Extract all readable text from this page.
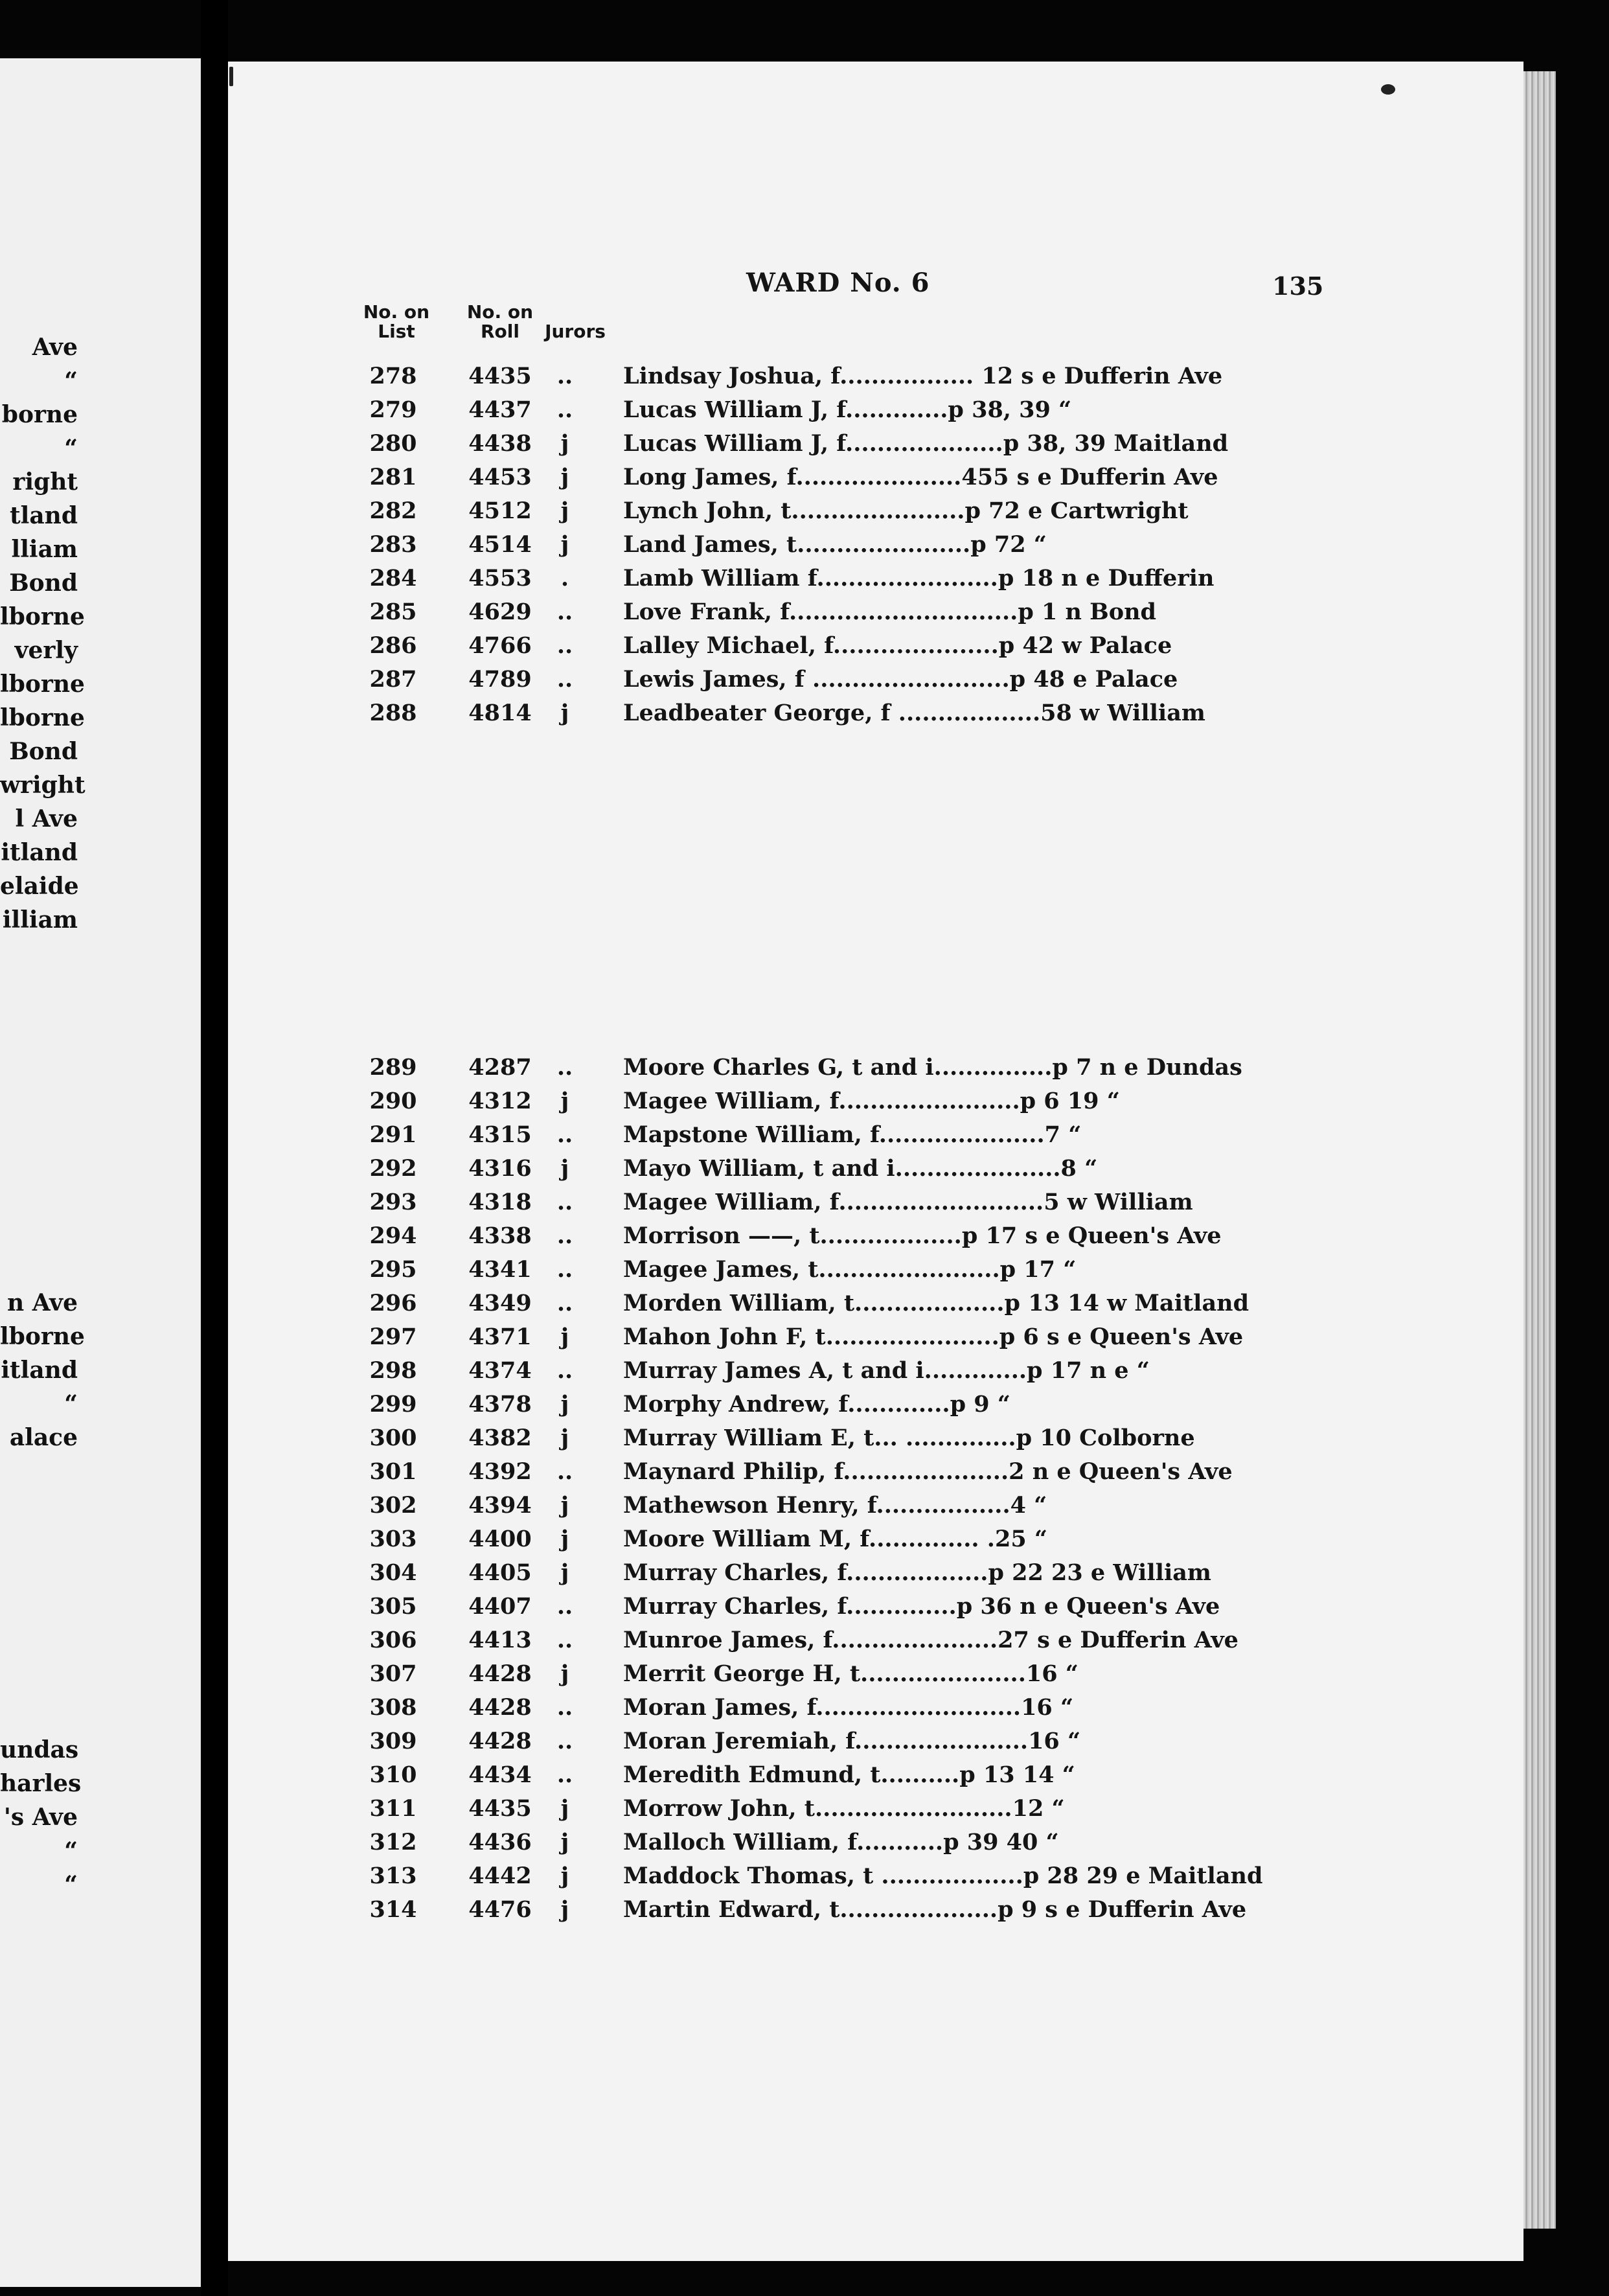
Ave
“
borne
“
right
tland
lliam
Bond
lborne
verly
lborne
lborne
Bond
wright
l Ave
itland
elaide
illiam
n Ave
lborne
itland
“
alace
undas
harles
's Ave
“
“
WARD No. 6	135
No. on
List
No. on
Roll	Jurors
278	4435	..	Lindsay Joshua, f................. 12 s e Dufferin Ave
279	4437	..	Lucas William J, f.............p 38, 39 “
280	4438	j	Lucas William J, f....................p 38, 39 Maitland
281	4453	j	Long James, f.....................455 s e Dufferin Ave
282	4512	j	Lynch John, t......................p 72 e Cartwright
283	4514	j	Land James, t......................p 72 “
284	4553	.	Lamb William f.......................p 18 n e Dufferin
285	4629	..	Love Frank, f.............................p 1 n Bond
286	4766	..	Lalley Michael, f.....................p 42 w Palace
287	4789	..	Lewis James, f .........................p 48 e Palace
288	4814	j	Leadbeater George, f ..................58 w William
289	4287	..	Moore Charles G, t and i...............p 7 n e Dundas
290	4312	j	Magee William, f.......................p 6 19 “
291	4315	..	Mapstone William, f.....................7 “
292	4316	j	Mayo William, t and i.....................8 “
293	4318	..	Magee William, f..........................5 w William
294	4338	..	Morrison ——, t..................p 17 s e Queen's Ave
295	4341	..	Magee James, t.......................p 17 “
296	4349	..	Morden William, t...................p 13 14 w Maitland
297	4371	j	Mahon John F, t......................p 6 s e Queen's Ave
298	4374	..	Murray James A, t and i.............p 17 n e “
299	4378	j	Morphy Andrew, f.............p 9 “
300	4382	j	Murray William E, t... ..............p 10 Colborne
301	4392	..	Maynard Philip, f.....................2 n e Queen's Ave
302	4394	j	Mathewson Henry, f.................4 “
303	4400	j	Moore William M, f.............. .25 “
304	4405	j	Murray Charles, f..................p 22 23 e William
305	4407	..	Murray Charles, f..............p 36 n e Queen's Ave
306	4413	..	Munroe James, f.....................27 s e Dufferin Ave
307	4428	j	Merrit George H, t.....................16 “
308	4428	..	Moran James, f..........................16 “
309	4428	..	Moran Jeremiah, f......................16 “
310	4434	..	Meredith Edmund, t..........p 13 14 “
311	4435	j	Morrow John, t.........................12 “
312	4436	j	Malloch William, f...........p 39 40 “
313	4442	j	Maddock Thomas, t ..................p 28 29 e Maitland
314	4476	j	Martin Edward, t....................p 9 s e Dufferin Ave
